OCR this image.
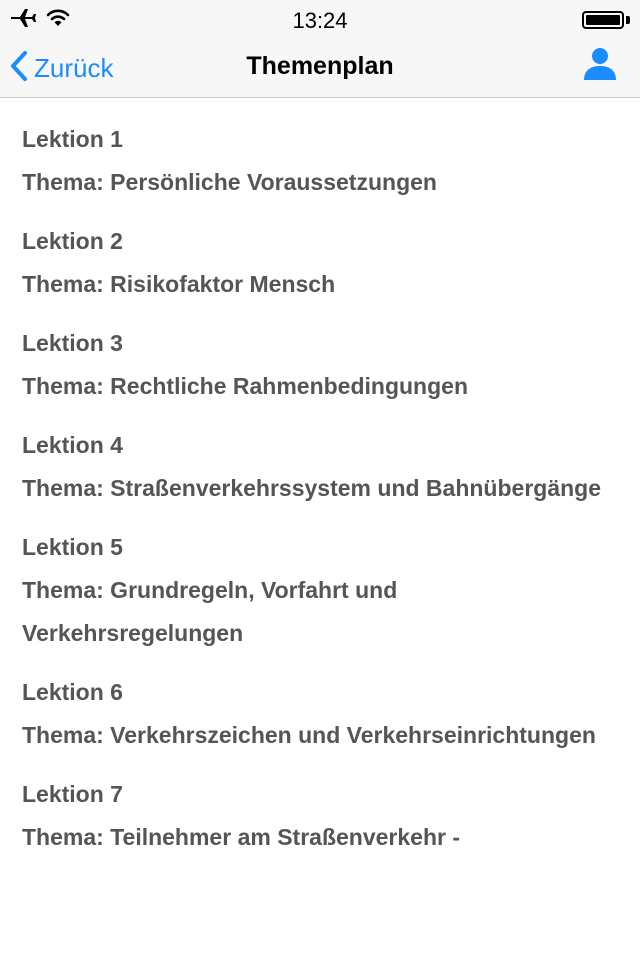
13:24
Zurück	Themenplan

Lektion 1

Thema: Persönliche Voraussetzungen

Lektion 2

Thema: Risikofaktor Mensch

Lektion 3

Thema: Rechtliche Rahmenbedingungen

Lektion 4

Thema: Straßenverkehrssystem und Bahnübergänge

Lektion 5

Thema: Grundregeln, Vorfahrt und Verkehrsregelungen

Lektion 6

Thema: Verkehrszeichen und Verkehrseinrichtungen

Lektion 7

Thema: Teilnehmer am Straßenverkehr -
